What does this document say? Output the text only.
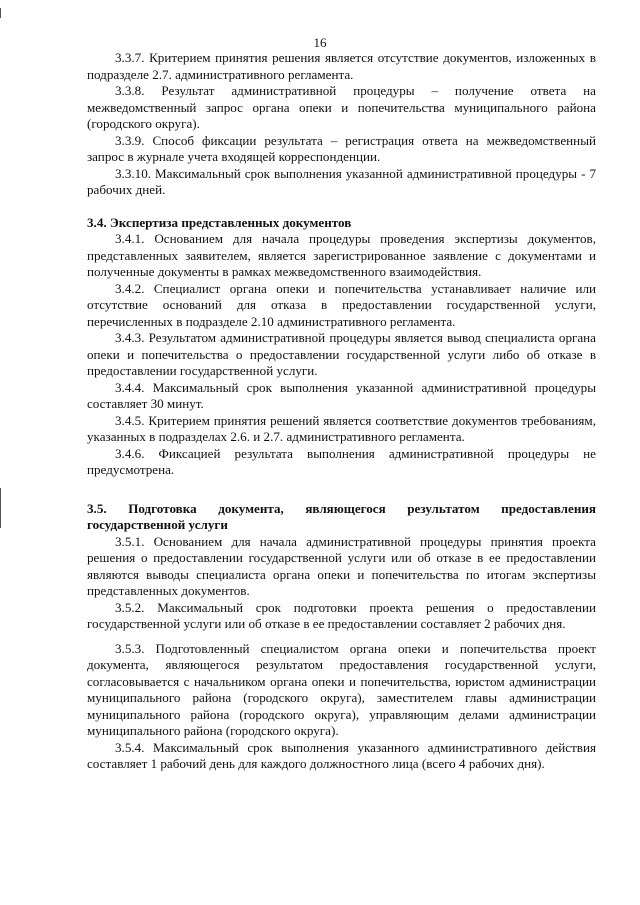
16

3.3.7. Критерием принятия решения является отсутствие документов, изложенных в подразделе 2.7. административного регламента.

3.3.8. Результат административной процедуры – получение ответа на межведомственный запрос органа опеки и попечительства муниципального района (городского округа).

3.3.9. Способ фиксации результата – регистрация ответа на межведомственный запрос в журнале учета входящей корреспонденции.

3.3.10. Максимальный срок выполнения указанной административной процедуры - 7 рабочих дней.

3.4. Экспертиза представленных документов

3.4.1. Основанием для начала процедуры проведения экспертизы документов, представленных заявителем, является зарегистрированное заявление с документами и полученные документы в рамках межведомственного взаимодействия.

3.4.2. Специалист органа опеки и попечительства устанавливает наличие или отсутствие оснований для отказа в предоставлении государственной услуги, перечисленных в подразделе 2.10 административного регламента.

3.4.3. Результатом административной процедуры является вывод специалиста органа опеки и попечительства о предоставлении государственной услуги либо об отказе в предоставлении государственной услуги.

3.4.4. Максимальный срок выполнения указанной административной процедуры составляет 30 минут.

3.4.5. Критерием принятия решений является соответствие документов требованиям, указанных в подразделах 2.6. и 2.7. административного регламента.

3.4.6. Фиксацией результата выполнения административной процедуры не предусмотрена.

3.5. Подготовка документа, являющегося результатом предоставления государственной услуги

3.5.1. Основанием для начала административной процедуры принятия проекта решения о предоставлении государственной услуги или об отказе в ее предоставлении являются выводы специалиста органа опеки и попечительства по итогам экспертизы представленных документов.

3.5.2. Максимальный срок подготовки проекта решения о предоставлении государственной услуги или об отказе в ее предоставлении составляет 2 рабочих дня.

3.5.3. Подготовленный специалистом органа опеки и попечительства проект документа, являющегося результатом предоставления государственной услуги, согласовывается с начальником органа опеки и попечительства, юристом администрации муниципального района (городского округа), заместителем главы администрации муниципального района (городского округа), управляющим делами администрации муниципального района (городского округа).

3.5.4. Максимальный срок выполнения указанного административного действия составляет 1 рабочий день для каждого должностного лица (всего 4 рабочих дня).
